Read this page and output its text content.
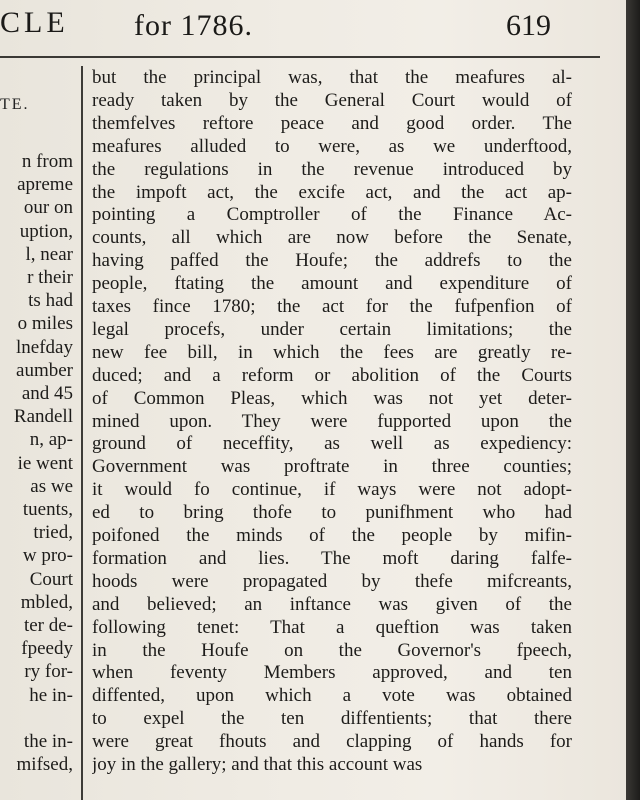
CLE for 1786.	619
TE.
n from
apreme
our on
uption,
l, near
r their
ts had
o miles
lnefday
aumber
and 45
Randell
n, ap-
ie went
as we
tuents,
tried,
w pro-
Court
mbled,
ter de-
fpeedy
ry for-
he in-
the in-
mifsed,
but the principal was, that the meafures al-
ready taken by the General Court would of
themfelves reftore peace and good order. The
meafures alluded to were, as we underftood,
the regulations in the revenue introduced by
the impoft act, the excife act, and the act ap-
pointing a Comptroller of the Finance Ac-
counts, all which are now before the Senate,
having paffed the Houfe; the addrefs to the
people, ftating the amount and expenditure of
taxes fince 1780; the act for the fufpenfion of
legal procefs, under certain limitations; the
new fee bill, in which the fees are greatly re-
duced; and a reform or abolition of the Courts
of Common Pleas, which was not yet deter-
mined upon. They were fupported upon the
ground of neceffity, as well as expediency:
Government was proftrate in three counties;
it would fo continue, if ways were not adopt-
ed to bring thofe to punifhment who had
poifoned the minds of the people by mifin-
formation and lies. The moft daring falfe-
hoods were propagated by thefe mifcreants,
and believed; an inftance was given of the
following tenet: That a queftion was taken
in the Houfe on the Governor's fpeech,
when feventy Members approved, and ten
diffented, upon which a vote was obtained
to expel the ten diffentients; that there
were great fhouts and clapping of hands for
joy in the gallery; and that this account was
